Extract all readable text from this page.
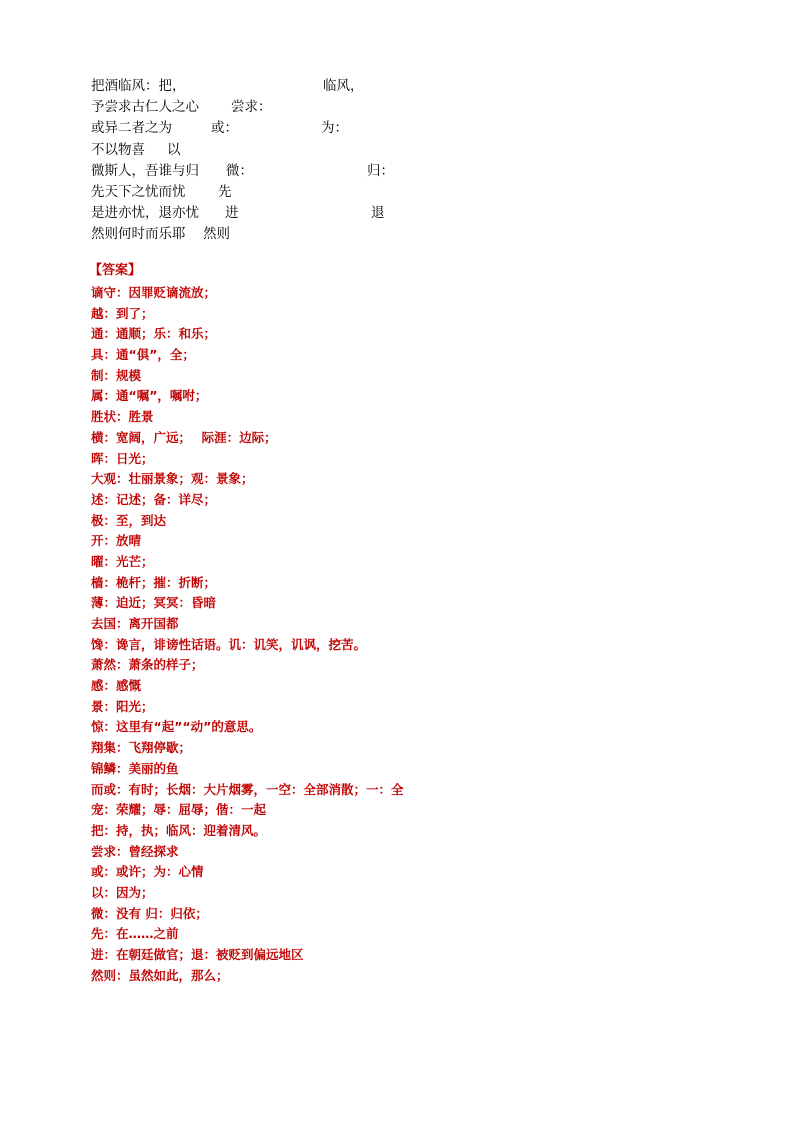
把酒临风：把，	临风，
予尝求古仁人之心 尝求：
或异二者之为	或：	为：
不以物喜 以
微斯人，吾谁与归 微：	归：
先天下之忧而忧 先
是进亦忧，退亦忧 进	退
然则何时而乐耶 然则
【答案】
谪守：因罪贬谪流放；
越：到了；
通：通顺；乐：和乐；
具：通“俱”，全；
制：规模
属：通“嘱”，嘱咐；
胜状：胜景
横：宽阔，广远；　 际涯：边际；
晖：日光；
大观：壮丽景象；观：景象；
述：记述；备：详尽；
极：至，到达
开：放晴
曜：光芒；
樯：桅杆；摧：折断；
薄：迫近；冥冥：昏暗
去国：离开国都
馋：谗言，诽谤性话语。讥：讥笑，讥讽，挖苦。
萧然：萧条的样子；
感：感慨
景：阳光；
惊：这里有“起”“动”的意思。
翔集：飞翔停歇；
锦鳞：美丽的鱼
而或：有时；长烟：大片烟雾，一空：全部消散；一：全
宠：荣耀；辱：屈辱；偕：一起
把：持，执；临风：迎着清风。
尝求：曾经探求
或：或许；为：心情
以：因为；
微：没有 归：归依；
先：在……之前
进：在朝廷做官；退：被贬到偏远地区
然则：虽然如此，那么；
